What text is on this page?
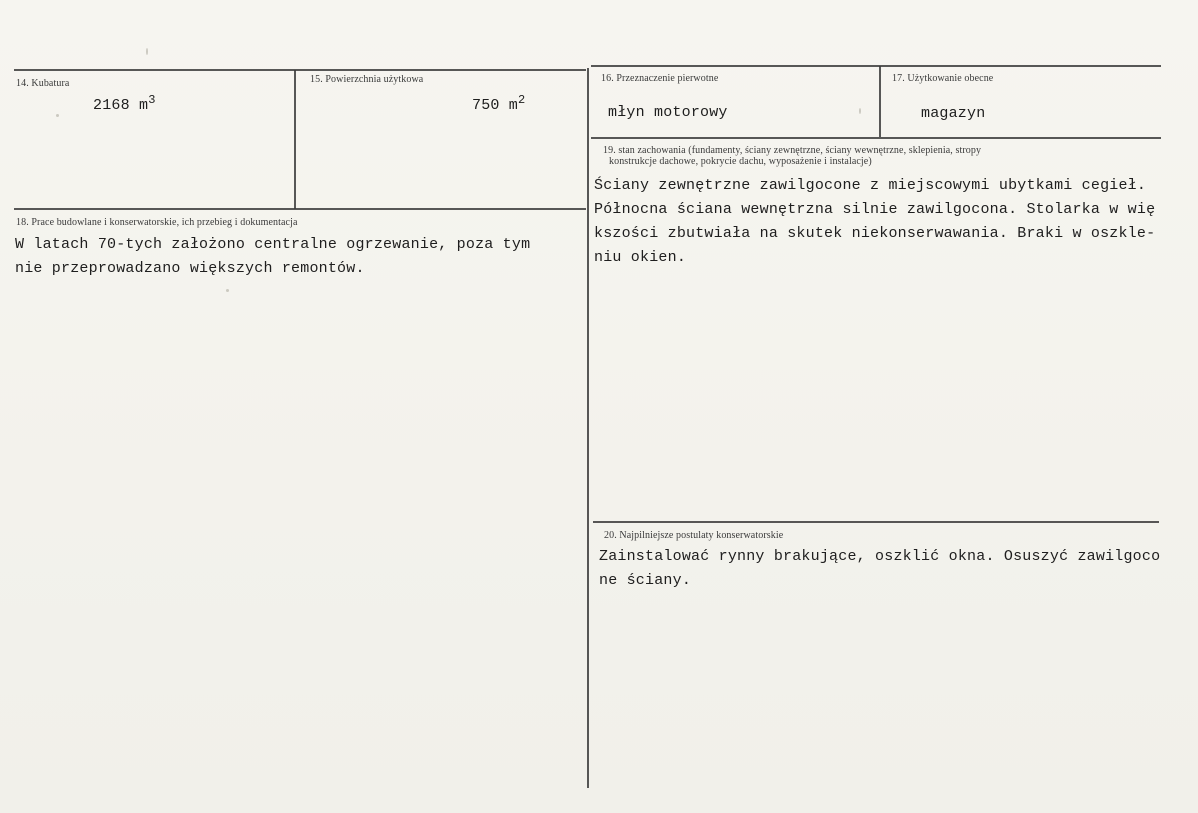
14. Kubatura
2168 $m^3$
15. Powierzchnia użytkowa
750 $m^2$
16. Przeznaczenie pierwotne
młyn motorowy
17. Użytkowanie obecne
magazyn
18. Prace budowlane i konserwatorskie, ich przebieg i dokumentacja
W latach 70-tych założono centralne ogrzewanie, poza tym
nie przeprowadzano większych remontów.
19. stan zachowania (fundamenty, ściany zewnętrzne, ściany wewnętrzne, sklepienia, stropy
konstrukcje dachowe, pokrycie dachu, wyposażenie i instalacje)
Ściany zewnętrzne zawilgocone z miejscowymi ubytkami cegieł.
Północna ściana wewnętrzna silnie zawilgocona. Stolarka w wię
kszości zbutwiała na skutek niekonserwawania. Braki w oszkle-
niu okien.
20. Najpilniejsze postulaty konserwatorskie
Zainstalować rynny brakujące, oszklić okna. Osuszyć zawilgoco
ne ściany.
